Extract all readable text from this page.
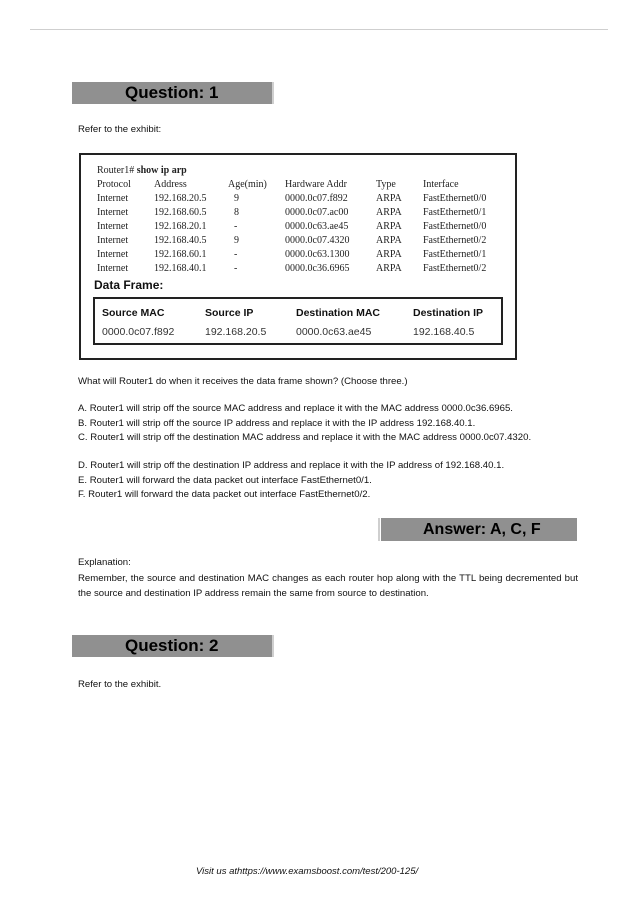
Question: 1
Refer to the exhibit:
Router1# show ip arp
Protocol Address	Age(min) Hardware Addr	Type	Interface
Internet	192.168.20.5	9	0000.0c07.f892	ARPA FastEthernet0/0
Internet	192.168.60.5	8	0000.0c07.ac00	ARPA FastEthernet0/1
Internet	192.168.20.1	-	0000.0c63.ae45	ARPA FastEthernet0/0
Internet	192.168.40.5	9	0000.0c07.4320	ARPA FastEthernet0/2
Internet	192.168.60.1	-	0000.0c63.1300	ARPA FastEthernet0/1
Internet	192.168.40.1	-	0000.0c36.6965	ARPA FastEthernet0/2
Data Frame:
Source MAC	Source IP	Destination MAC	Destination IP
0000.0c07.f892	192.168.20.5	0000.0c63.ae45	192.168.40.5
What will Router1 do when it receives the data frame shown? (Choose three.)
A. Router1 will strip off the source MAC address and replace it with the MAC address 0000.0c36.6965.
B. Router1 will strip off the source IP address and replace it with the IP address 192.168.40.1.
C. Router1 will strip off the destination MAC address and replace it with the MAC address 0000.0c07.4320.
D. Router1 will strip off the destination IP address and replace it with the IP address of 192.168.40.1.
E. Router1 will forward the data packet out interface FastEthernet0/1.
F. Router1 will forward the data packet out interface FastEthernet0/2.
Answer: A, C, F
Explanation:
Remember, the source and destination MAC changes as each router hop along with the TTL being decremented but the source and destination IP address remain the same from source to destination.
Question: 2
Refer to the exhibit.
Visit us athttps://www.examsboost.com/test/200-125/
